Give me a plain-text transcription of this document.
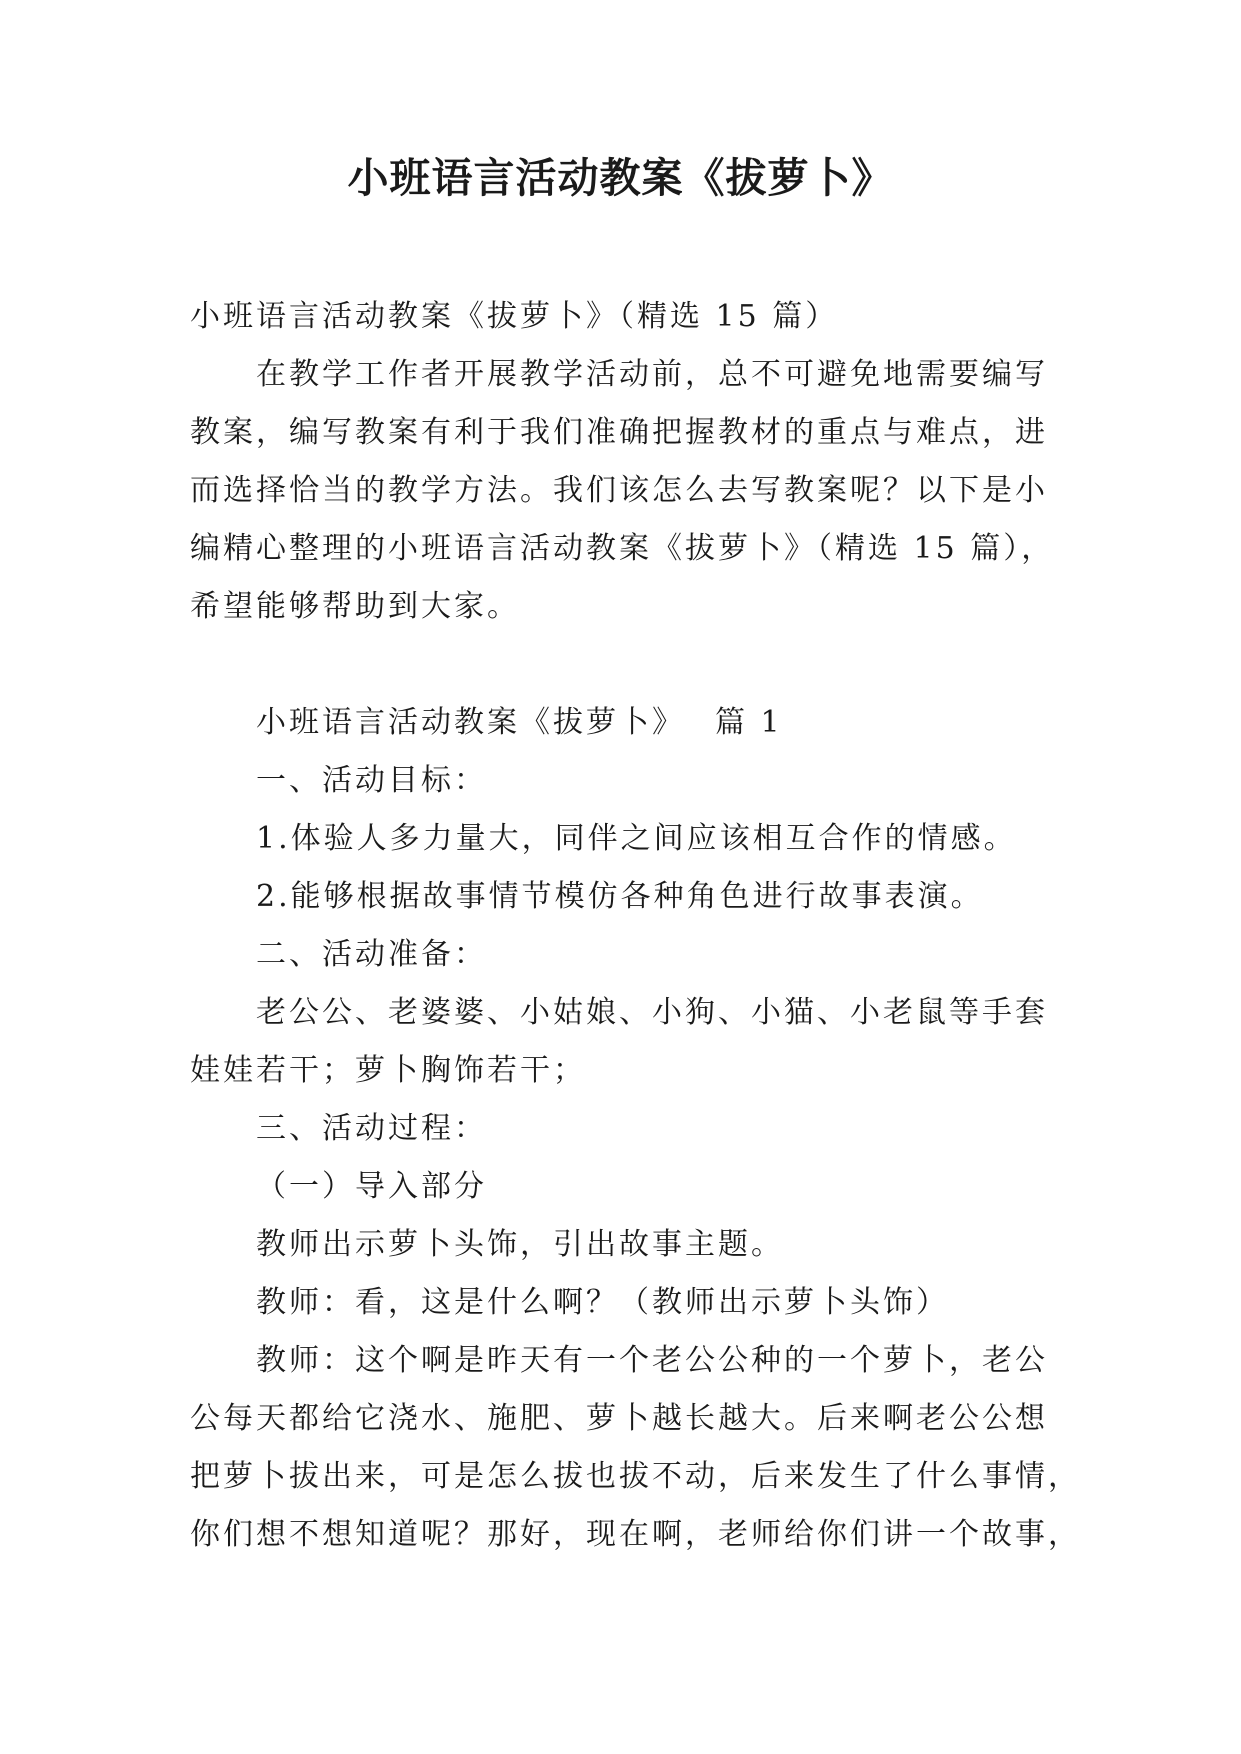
小班语言活动教案《拔萝卜》

小班语言活动教案《拔萝卜》（精选 15 篇）

在教学工作者开展教学活动前，总不可避免地需要编写

教案，编写教案有利于我们准确把握教材的重点与难点，进

而选择恰当的教学方法。我们该怎么去写教案呢？以下是小

编精心整理的小班语言活动教案《拔萝卜》（精选 15 篇），

希望能够帮助到大家。

小班语言活动教案《拔萝卜》 篇 1

一、活动目标：

1.体验人多力量大，同伴之间应该相互合作的情感。

2.能够根据故事情节模仿各种角色进行故事表演。

二、活动准备：

老公公、老婆婆、小姑娘、小狗、小猫、小老鼠等手套

娃娃若干；萝卜胸饰若干；

三、活动过程：

（一）导入部分

教师出示萝卜头饰，引出故事主题。

教师：看，这是什么啊？（教师出示萝卜头饰）

教师：这个啊是昨天有一个老公公种的一个萝卜，老公

公每天都给它浇水、施肥、萝卜越长越大。后来啊老公公想

把萝卜拔出来，可是怎么拔也拔不动，后来发生了什么事情，

你们想不想知道呢？那好，现在啊，老师给你们讲一个故事，
